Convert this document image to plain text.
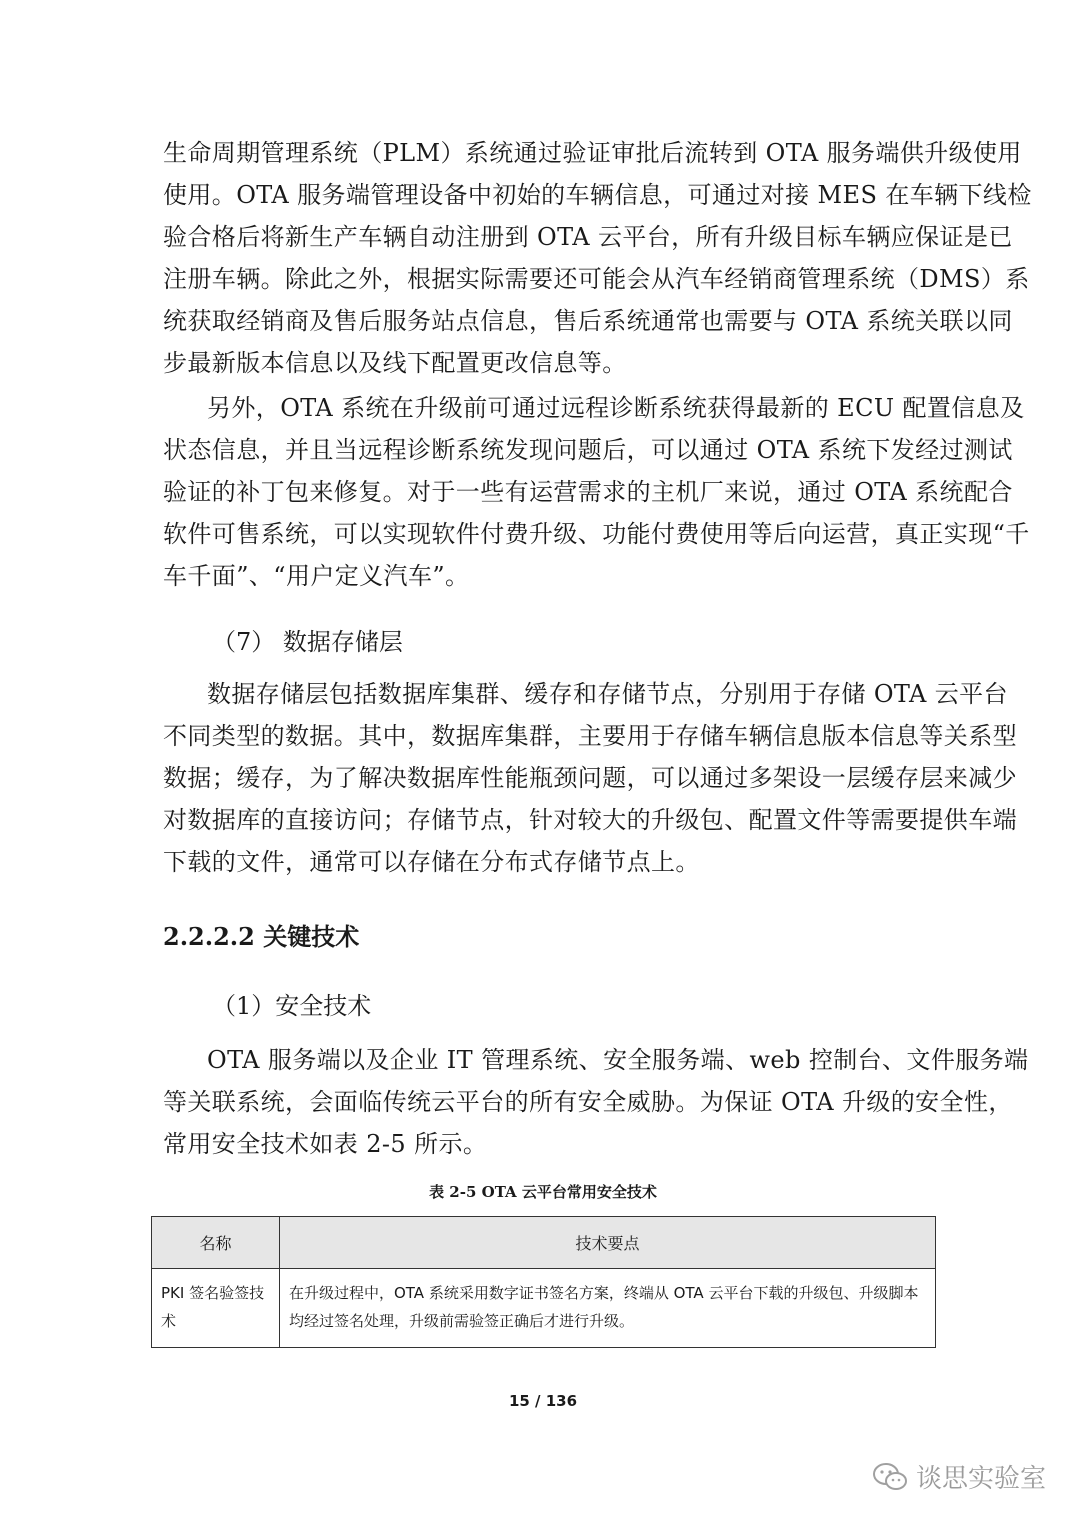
生命周期管理系统（PLM）系统通过验证审批后流转到 OTA 服务端供升级使用
使用。OTA 服务端管理设备中初始的车辆信息，可通过对接 MES 在车辆下线检
验合格后将新生产车辆自动注册到 OTA 云平台，所有升级目标车辆应保证是已
注册车辆。除此之外，根据实际需要还可能会从汽车经销商管理系统（DMS）系
统获取经销商及售后服务站点信息，售后系统通常也需要与 OTA 系统关联以同
步最新版本信息以及线下配置更改信息等。
另外，OTA 系统在升级前可通过远程诊断系统获得最新的 ECU 配置信息及
状态信息，并且当远程诊断系统发现问题后，可以通过 OTA 系统下发经过测试
验证的补丁包来修复。对于一些有运营需求的主机厂来说，通过 OTA 系统配合
软件可售系统，可以实现软件付费升级、功能付费使用等后向运营，真正实现“千
车千面”、“用户定义汽车”。
（7） 数据存储层
数据存储层包括数据库集群、缓存和存储节点，分别用于存储 OTA 云平台
不同类型的数据。其中，数据库集群，主要用于存储车辆信息版本信息等关系型
数据；缓存，为了解决数据库性能瓶颈问题，可以通过多架设一层缓存层来减少
对数据库的直接访问；存储节点，针对较大的升级包、配置文件等需要提供车端
下载的文件，通常可以存储在分布式存储节点上。
2.2.2.2 关键技术
（1）安全技术
OTA 服务端以及企业 IT 管理系统、安全服务端、web 控制台、文件服务端
等关联系统，会面临传统云平台的所有安全威胁。为保证 OTA 升级的安全性，
常用安全技术如表 2-5 所示。
表 2-5 OTA 云平台常用安全技术
名称	技术要点
PKI 签名验签技术	在升级过程中，OTA 系统采用数字证书签名方案，终端从 OTA 云平台下载的升级包、升级脚本均经过签名处理，升级前需验签正确后才进行升级。
15 / 136
谈思实验室
